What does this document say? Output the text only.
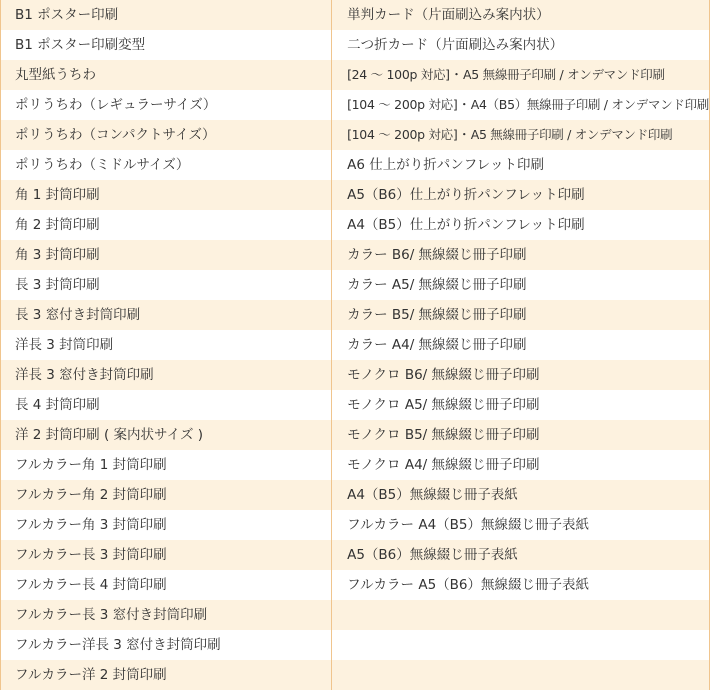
B1 ポスター印刷
B1 ポスター印刷変型
丸型紙うちわ
ポリうちわ（レギュラーサイズ）
ポリうちわ（コンパクトサイズ）
ポリうちわ（ミドルサイズ）
角 1 封筒印刷
角 2 封筒印刷
角 3 封筒印刷
長 3 封筒印刷
長 3 窓付き封筒印刷
洋長 3 封筒印刷
洋長 3 窓付き封筒印刷
長 4 封筒印刷
洋 2 封筒印刷 ( 案内状サイズ )
フルカラー角 1 封筒印刷
フルカラー角 2 封筒印刷
フルカラー角 3 封筒印刷
フルカラー長 3 封筒印刷
フルカラー長 4 封筒印刷
フルカラー長 3 窓付き封筒印刷
フルカラー洋長 3 窓付き封筒印刷
フルカラー洋 2 封筒印刷
単判カード（片面刷込み案内状）
二つ折カード（片面刷込み案内状）
[24 ～ 100p 対応] ･ A5 無線冊子印刷 / オンデマンド印刷
[104 ～ 200p 対応] ･ A4（B5）無線冊子印刷 / オンデマンド印刷
[104 ～ 200p 対応] ･ A5 無線冊子印刷 / オンデマンド印刷
A6 仕上がり折パンフレット印刷
A5（B6）仕上がり折パンフレット印刷
A4（B5）仕上がり折パンフレット印刷
カラー B6/ 無線綴じ冊子印刷
カラー A5/ 無線綴じ冊子印刷
カラー B5/ 無線綴じ冊子印刷
カラー A4/ 無線綴じ冊子印刷
モノクロ B6/ 無線綴じ冊子印刷
モノクロ A5/ 無線綴じ冊子印刷
モノクロ B5/ 無線綴じ冊子印刷
モノクロ A4/ 無線綴じ冊子印刷
A4（B5）無線綴じ冊子表紙
フルカラー A4（B5）無線綴じ冊子表紙
A5（B6）無線綴じ冊子表紙
フルカラー A5（B6）無線綴じ冊子表紙
